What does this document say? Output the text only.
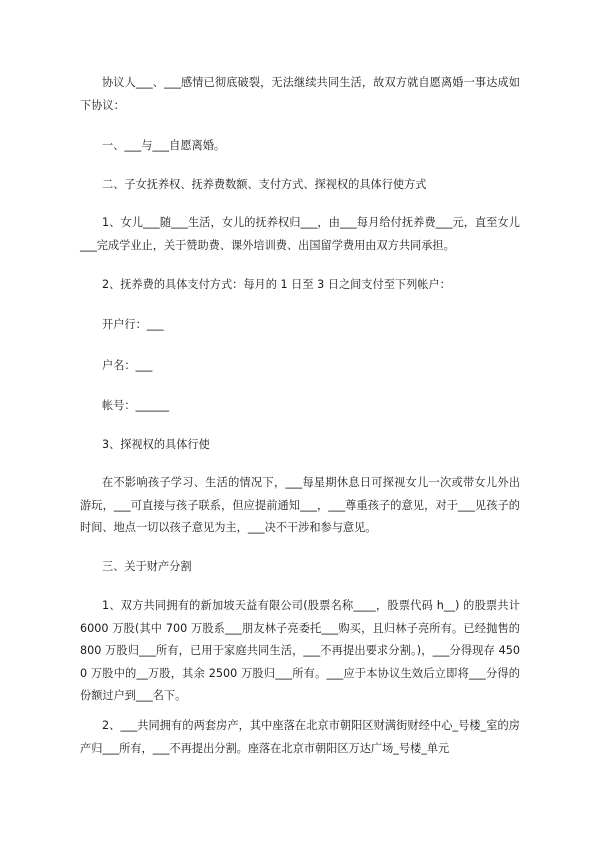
协议人___、___感情已彻底破裂，无法继续共同生活，故双方就自愿离婚一事达成如下协议：

一、___与___自愿离婚。

二、子女抚养权、抚养费数额、支付方式、探视权的具体行使方式

1、女儿___随___生活，女儿的抚养权归___，由___每月给付抚养费___元，直至女儿___完成学业止，关于赞助费、课外培训费、出国留学费用由双方共同承担。

2、抚养费的具体支付方式：每月的 1 日至 3 日之间支付至下列帐户：

开户行：___

户名：___

帐号：______

3、探视权的具体行使

在不影响孩子学习、生活的情况下，___每星期休息日可探视女儿一次或带女儿外出游玩，___可直接与孩子联系，但应提前通知___，___尊重孩子的意见，对于___见孩子的时间、地点一切以孩子意见为主，___决不干涉和参与意见。

三、关于财产分割

1、双方共同拥有的新加坡天益有限公司(股票名称____，股票代码 h__) 的股票共计 6000 万股(其中 700 万股系___朋友林子亮委托___购买，且归林子亮所有。已经抛售的 800 万股归___所有，已用于家庭共同生活，___不再提出要求分割。)，___分得现存 4500 万股中的__万股，其余 2500 万股归___所有。___应于本协议生效后立即将___分得的份额过户到___名下。

2、___共同拥有的两套房产，其中座落在北京市朝阳区财满街财经中心_号楼_室的房产归___所有，___不再提出分割。座落在北京市朝阳区万达广场_号楼_单元
